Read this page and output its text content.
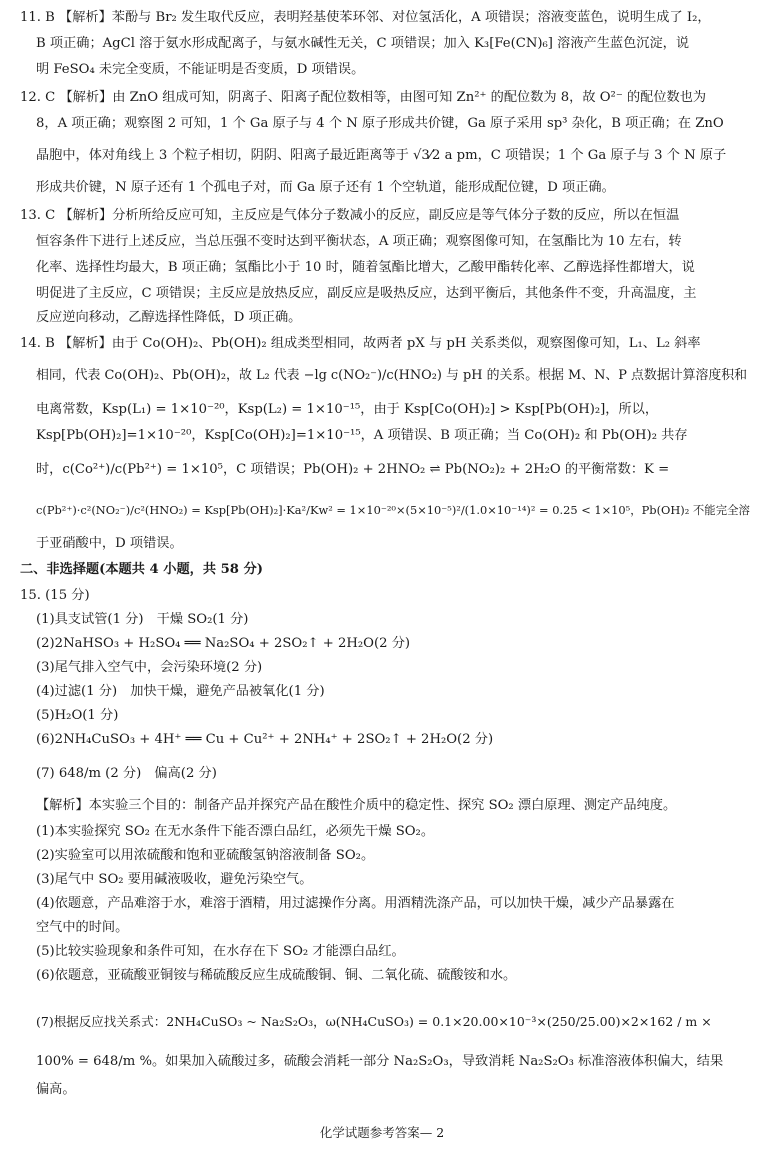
11. B 【解析】苯酚与 Br₂ 发生取代反应，表明羟基使苯环邻、对位氢活化，A 项错误；溶液变蓝色，说明生成了 I₂，
B 项正确；AgCl 溶于氨水形成配离子，与氨水碱性无关，C 项错误；加入 K₃[Fe(CN)₆] 溶液产生蓝色沉淀，说
明 FeSO₄ 未完全变质，不能证明是否变质，D 项错误。
12. C 【解析】由 ZnO 组成可知，阴离子、阳离子配位数相等，由图可知 Zn²⁺ 的配位数为 8，故 O²⁻ 的配位数也为
8，A 项正确；观察图 2 可知，1 个 Ga 原子与 4 个 N 原子形成共价键，Ga 原子采用 sp³ 杂化，B 项正确；在 ZnO
晶胞中，体对角线上 3 个粒子相切，阴阴、阳离子最近距离等于 √3⁄2 a pm，C 项错误；1 个 Ga 原子与 3 个 N 原子
形成共价键，N 原子还有 1 个孤电子对，而 Ga 原子还有 1 个空轨道，能形成配位键，D 项正确。
13. C 【解析】分析所给反应可知，主反应是气体分子数减小的反应，副反应是等气体分子数的反应，所以在恒温
恒容条件下进行上述反应，当总压强不变时达到平衡状态，A 项正确；观察图像可知，在氢酯比为 10 左右，转
化率、选择性均最大，B 项正确；氢酯比小于 10 时，随着氢酯比增大，乙酸甲酯转化率、乙醇选择性都增大，说
明促进了主反应，C 项错误；主反应是放热反应，副反应是吸热反应，达到平衡后，其他条件不变，升高温度，主
反应逆向移动，乙醇选择性降低，D 项正确。
14. B 【解析】由于 Co(OH)₂、Pb(OH)₂ 组成类型相同，故两者 pX 与 pH 关系类似，观察图像可知，L₁、L₂ 斜率
相同，代表 Co(OH)₂、Pb(OH)₂，故 L₂ 代表 −lg c(NO₂⁻)/c(HNO₂) 与 pH 的关系。根据 M、N、P 点数据计算溶度积和
电离常数，Ksp(L₁) = 1×10⁻²⁰，Ksp(L₂) = 1×10⁻¹⁵，由于 Ksp[Co(OH)₂] > Ksp[Pb(OH)₂]，所以，
Ksp[Pb(OH)₂]=1×10⁻²⁰，Ksp[Co(OH)₂]=1×10⁻¹⁵，A 项错误、B 项正确；当 Co(OH)₂ 和 Pb(OH)₂ 共存
时，c(Co²⁺)/c(Pb²⁺) = 1×10⁵，C 项错误；Pb(OH)₂ + 2HNO₂ ⇌ Pb(NO₂)₂ + 2H₂O 的平衡常数：K =
c(Pb²⁺)·c²(NO₂⁻)/c²(HNO₂) = Ksp[Pb(OH)₂]·Ka²/Kw² = 1×10⁻²⁰×(5×10⁻⁵)²/(1.0×10⁻¹⁴)² = 0.25 < 1×10⁵，Pb(OH)₂ 不能完全溶
于亚硝酸中，D 项错误。
二、非选择题(本题共 4 小题，共 58 分)
15. (15 分)
(1)具支试管(1 分)　干燥 SO₂(1 分)
(2)2NaHSO₃ + H₂SO₄ ══ Na₂SO₄ + 2SO₂↑ + 2H₂O(2 分)
(3)尾气排入空气中，会污染环境(2 分)
(4)过滤(1 分)　加快干燥，避免产品被氧化(1 分)
(5)H₂O(1 分)
(6)2NH₄CuSO₃ + 4H⁺ ══ Cu + Cu²⁺ + 2NH₄⁺ + 2SO₂↑ + 2H₂O(2 分)
(7) 648/m (2 分)　偏高(2 分)
【解析】本实验三个目的：制备产品并探究产品在酸性介质中的稳定性、探究 SO₂ 漂白原理、测定产品纯度。
(1)本实验探究 SO₂ 在无水条件下能否漂白品红，必须先干燥 SO₂。
(2)实验室可以用浓硫酸和饱和亚硫酸氢钠溶液制备 SO₂。
(3)尾气中 SO₂ 要用碱液吸收，避免污染空气。
(4)依题意，产品难溶于水，难溶于酒精，用过滤操作分离。用酒精洗涤产品，可以加快干燥，减少产品暴露在
空气中的时间。
(5)比较实验现象和条件可知，在水存在下 SO₂ 才能漂白品红。
(6)依题意，亚硫酸亚铜铵与稀硫酸反应生成硫酸铜、铜、二氧化硫、硫酸铵和水。
(7)根据反应找关系式：2NH₄CuSO₃ ~ Na₂S₂O₃，ω(NH₄CuSO₃) = 0.1×20.00×10⁻³×(250/25.00)×2×162 / m ×
100% = 648/m %。如果加入硫酸过多，硫酸会消耗一部分 Na₂S₂O₃，导致消耗 Na₂S₂O₃ 标准溶液体积偏大，结果
偏高。
化学试题参考答案— 2
